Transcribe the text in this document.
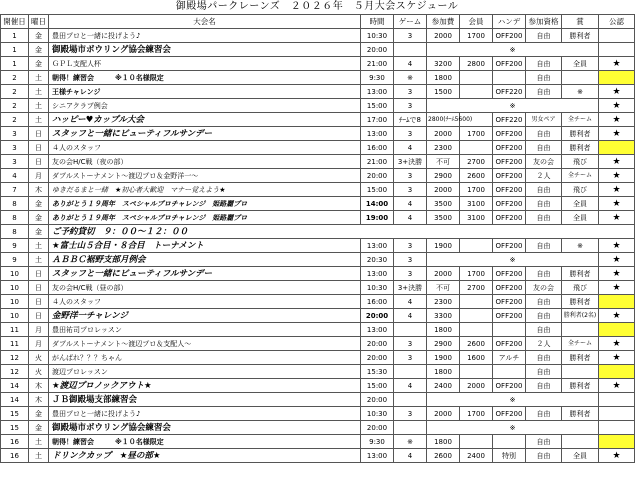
御殿場パークレーンズ　２０２６年　５月大会スケジュール
開催日	曜日	大会名	時間	ゲーム	参加費	会員	ハンデ	参加資格	賞	公認
1	金	豊田プロと一緒に投げよう♪	10:30	3	2000	1700	OFF200	自由	勝利者	
1	金	御殿場市ボウリング協会練習会	20:00		※					
1	金	ＧＰＬ支配人杯	21:00	4	3200	2800	OFF200	自由	全員	★
2	土	朝得！練習会　　　※１０名様限定	9:30	※	1800			自由		
2	土	王様チャレンジ	13:00	3	1500		OFF220	自由	※	★
2	土	シニアクラブ例会	15:00	3	※					★
2	土	ハッピー♥カップル大会	17:00	ﾁｰﾑで8	2800(ﾁｰﾑ5600)		OFF220	男女ペア	全チーム	★
3	日	スタッフと一緒にビューティフルサンデー	13:00	3	2000	1700	OFF200	自由	勝利者	★
3	日	４人のスタッフ	16:00	4	2300		OFF200	自由	勝利者	
3	日	友の会H/C戦（夜の部）	21:00	3+決勝	不可	2700	OFF200	友の会	飛び	★
4	月	ダブルストーナメント〜渡辺プロ＆金野洋一〜	20:00	3	2900	2600	OFF200	２人	全チーム	★
7	木	ゆきだるまと一緒　★初心者大歓迎　マナー覚えよう★	15:00	3	2000	1700	OFF200	自由	飛び	★
8	金	ありがとう１９周年　スペシャルプロチャレンジ　姫路麗プロ	14:00	4	3500	3100	OFF200	自由	全員	★
8	金	ありがとう１９周年　スペシャルプロチャレンジ　姫路麗プロ	19:00	4	3500	3100	OFF200	自由	全員	★
8	金	ご予約貸切　９：００〜１２：００								
9	土	★富士山５合目・８合目　トーナメント	13:00	3	1900		OFF200	自由	※	★
9	土	ＡＢＢＣ裾野支部月例会	20:30	3	※					★
10	日	スタッフと一緒にビューティフルサンデー	13:00	3	2000	1700	OFF200	自由	勝利者	★
10	日	友の会H/C戦（昼の部）	10:30	3+決勝	不可	2700	OFF200	友の会	飛び	★
10	日	４人のスタッフ	16:00	4	2300		OFF200	自由	勝利者	
10	日	金野洋一チャレンジ	20:00	4	3300		OFF200	自由	勝利者(2名)	★
11	月	豊田祐司プロレッスン	13:00		1800			自由		
11	月	ダブルストーナメント〜渡辺プロ＆支配人〜	20:00	3	2900	2600	OFF200	２人	全チーム	★
12	火	がんばれ？？？ちゃん	20:00	3	1900	1600	アルチ	自由	勝利者	★
12	火	渡辺プロレッスン	15:30		1800			自由		
14	木	★渡辺プロノックアウト★	15:00	4	2400	2000	OFF200	自由	勝利者	★
14	木	ＪＢ御殿場支部練習会	20:00		※					
15	金	豊田プロと一緒に投げよう♪	10:30	3	2000	1700	OFF200	自由	勝利者	
15	金	御殿場市ボウリング協会練習会	20:00		※					
16	土	朝得！練習会　　　※１０名様限定	9:30	※	1800			自由		
16	土	ドリンクカップ　★昼の部★	13:00	4	2600	2400	特別	自由	全員	★
